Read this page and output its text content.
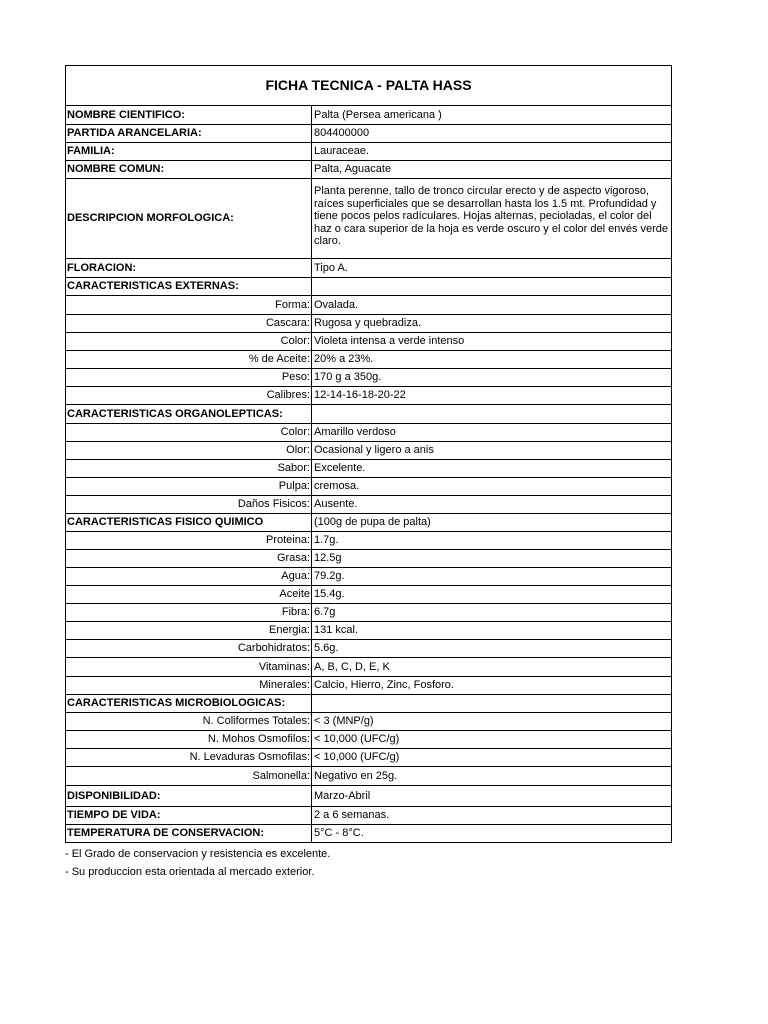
FICHA TECNICA - PALTA HASS	
NOMBRE CIENTIFICO:	Palta (Persea americana )
PARTIDA ARANCELARIA:	804400000
FAMILIA:	Lauraceae.
NOMBRE COMUN:	Palta, Aguacate
DESCRIPCION MORFOLOGICA:	Planta perenne, tallo de tronco circular erecto y de aspecto vigoroso, raíces superficiales que se desarrollan hasta los 1.5 mt. Profundidad y tiene pocos pelos radículares. Hojas alternas, pecioladas, el color del haz o cara superior de la hoja es verde oscuro y el color del envés verde claro.
FLORACION:	Tipo A.
CARACTERISTICAS EXTERNAS:	
Forma:	Ovalada.
Cascara:	Rugosa y quebradiza.
Color:	Violeta intensa a verde intenso
% de Aceite:	20% a 23%.
Peso:	170 g a 350g.
Calibres:	12-14-16-18-20-22
CARACTERISTICAS ORGANOLEPTICAS:	
Color:	Amarillo verdoso
Olor:	Ocasional y ligero a anis
Sabor:	Excelente.
Pulpa:	cremosa.
Daños Fisicos:	Ausente.
CARACTERISTICAS FISICO QUIMICO	(100g de pupa de palta)
Proteina:	1.7g.
Grasa:	12.5g
Agua:	79.2g.
Aceite	15.4g.
Fibra:	6.7g
Energia:	131 kcal.
Carbohidratos:	5.6g.
Vitaminas:	A, B, C, D, E, K
Minerales:	Calcio, Hierro, Zinc, Fosforo.
CARACTERISTICAS MICROBIOLOGICAS:	
N. Coliformes Totales:	< 3 (MNP/g)
N. Mohos Osmofilos:	< 10,000 (UFC/g)
N. Levaduras Osmofilas:	< 10,000 (UFC/g)
Salmonella:	Negativo en 25g.
DISPONIBILIDAD:	Marzo-Abril
TIEMPO DE VIDA:	2 a 6 semanas.
TEMPERATURA DE CONSERVACION:	5°C - 8°C.
- El Grado de conservacion y resistencia es excelente.
- Su produccion esta orientada al mercado exterior.
